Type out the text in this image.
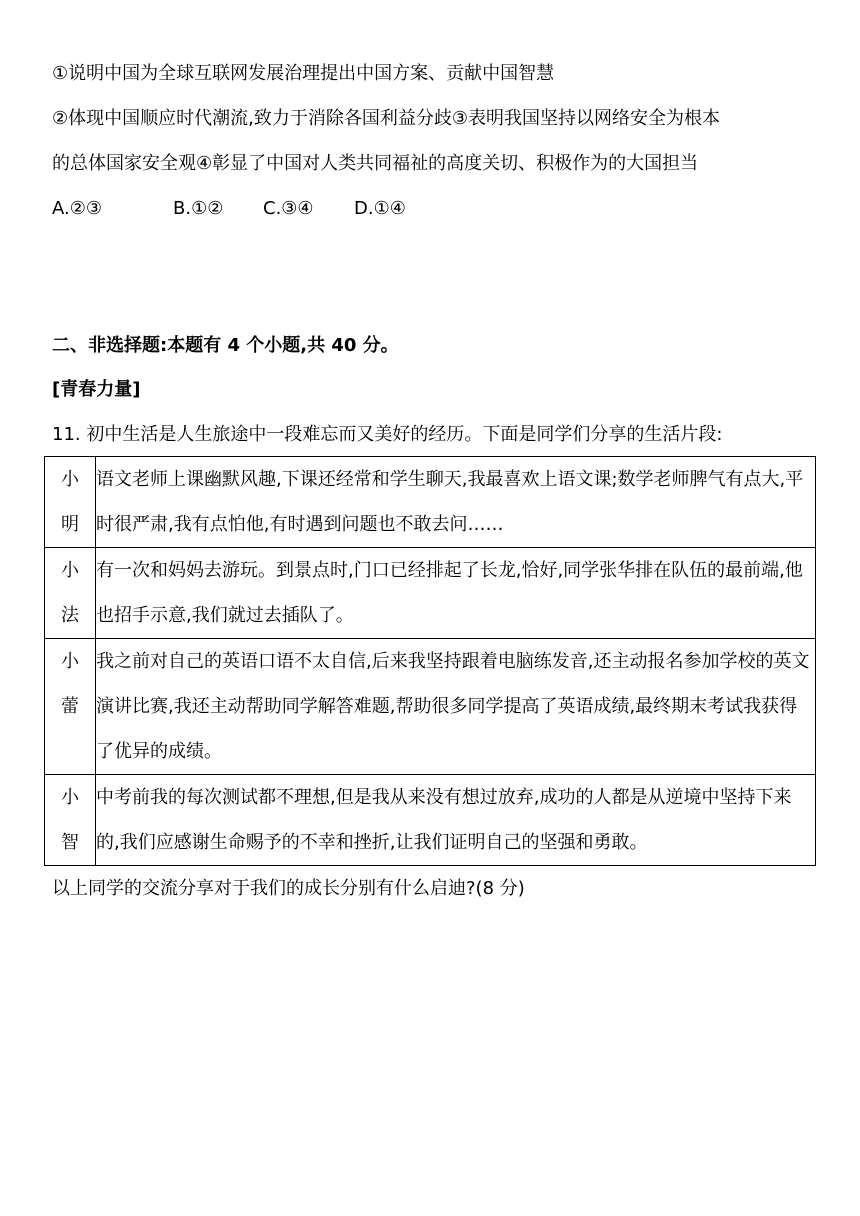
①说明中国为全球互联网发展治理提出中国方案、贡献中国智慧
②体现中国顺应时代潮流,致力于消除各国利益分歧③表明我国坚持以网络安全为根本
的总体国家安全观④彰显了中国对人类共同福祉的高度关切、积极作为的大国担当
A.②③	B.①② C.③④ D.①④
二、非选择题:本题有 4 个小题,共 40 分。
[青春力量]
11. 初中生活是人生旅途中一段难忘而又美好的经历。下面是同学们分享的生活片段:
小明	语文老师上课幽默风趣,下课还经常和学生聊天,我最喜欢上语文课;数学老师脾气有点大,平时很严肃,我有点怕他,有时遇到问题也不敢去问……
小法	有一次和妈妈去游玩。到景点时,门口已经排起了长龙,恰好,同学张华排在队伍的最前端,他也招手示意,我们就过去插队了。
小蕾	我之前对自己的英语口语不太自信,后来我坚持跟着电脑练发音,还主动报名参加学校的英文演讲比赛,我还主动帮助同学解答难题,帮助很多同学提高了英语成绩,最终期末考试我获得了优异的成绩。
小智	中考前我的每次测试都不理想,但是我从来没有想过放弃,成功的人都是从逆境中坚持下来的,我们应感谢生命赐予的不幸和挫折,让我们证明自己的坚强和勇敢。
以上同学的交流分享对于我们的成长分别有什么启迪?(8 分)
